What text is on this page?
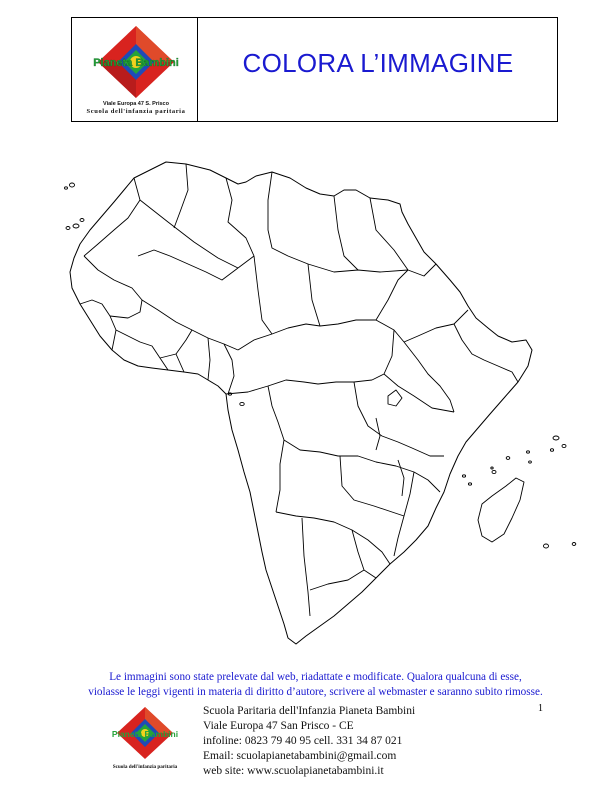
Pianeta Bambini
Viale Europa 47 S. Prisco
Scuola dell'infanzia paritaria
COLORA L’IMMAGINE
Le immagini sono state prelevate dal web, riadattate e modificate. Qualora qualcuna di esse,
violasse le leggi vigenti in materia di diritto d’autore, scrivere al webmaster e saranno subito rimosse.
1
Pianeta Bambini
Scuola dell'infanzia paritaria
Scuola Paritaria dell'Infanzia Pianeta Bambini
Viale Europa 47 San Prisco - CE
infoline: 0823 79 40 95 cell. 331 34 87 021
Email: scuolapianetabambini@gmail.com
web site: www.scuolapianetabambini.it
